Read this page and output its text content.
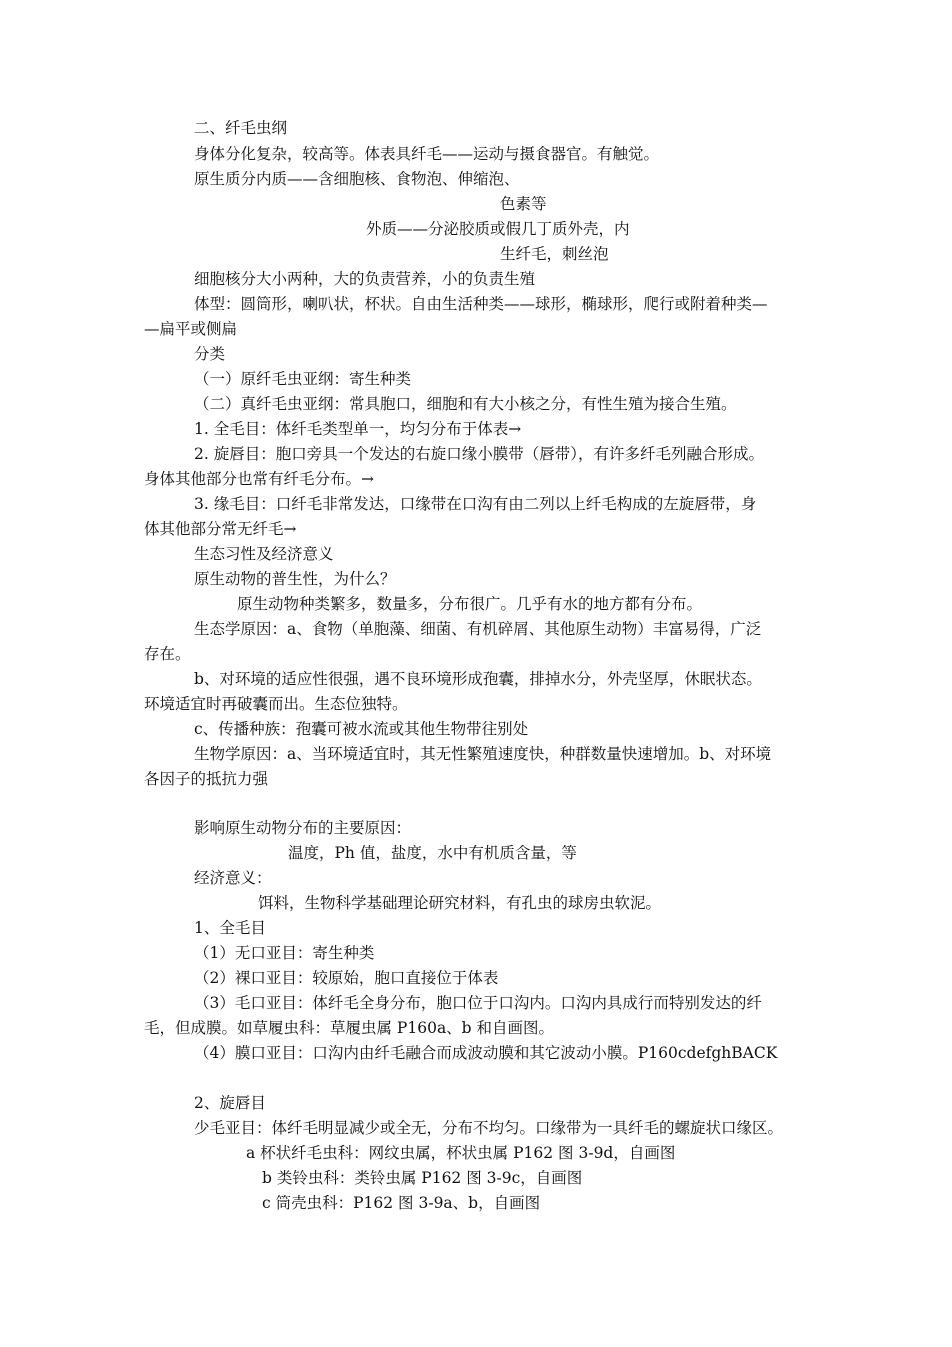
二、纤毛虫纲
身体分化复杂，较高等。体表具纤毛——运动与摄食器官。有触觉。
原生质分内质——含细胞核、食物泡、伸缩泡、
色素等
外质——分泌胶质或假几丁质外壳，内
生纤毛，刺丝泡
细胞核分大小两种，大的负责营养，小的负责生殖
体型：圆筒形，喇叭状，杯状。自由生活种类——球形，椭球形，爬行或附着种类—
—扁平或侧扁
分类
（一）原纤毛虫亚纲：寄生种类
（二）真纤毛虫亚纲：常具胞口，细胞和有大小核之分，有性生殖为接合生殖。
1. 全毛目：体纤毛类型单一，均匀分布于体表→
2. 旋唇目：胞口旁具一个发达的右旋口缘小膜带（唇带），有许多纤毛列融合形成。
身体其他部分也常有纤毛分布。→
3. 缘毛目：口纤毛非常发达，口缘带在口沟有由二列以上纤毛构成的左旋唇带，身
体其他部分常无纤毛→
生态习性及经济意义
原生动物的普生性，为什么？
原生动物种类繁多，数量多，分布很广。几乎有水的地方都有分布。
生态学原因：a、食物（单胞藻、细菌、有机碎屑、其他原生动物）丰富易得，广泛
存在。
b、对环境的适应性很强，遇不良环境形成孢囊，排掉水分，外壳坚厚，休眠状态。
环境适宜时再破囊而出。生态位独特。
c、传播种族：孢囊可被水流或其他生物带往别处
生物学原因：a、当环境适宜时，其无性繁殖速度快，种群数量快速增加。b、对环境
各因子的抵抗力强
影响原生动物分布的主要原因：
温度，Ph 值，盐度，水中有机质含量，等
经济意义：
饵料，生物科学基础理论研究材料，有孔虫的球房虫软泥。
1、全毛目
（1）无口亚目：寄生种类
（2）裸口亚目：较原始，胞口直接位于体表
（3）毛口亚目：体纤毛全身分布，胞口位于口沟内。口沟内具成行而特别发达的纤
毛，但成膜。如草履虫科：草履虫属 P160a、b 和自画图。
（4）膜口亚目：口沟内由纤毛融合而成波动膜和其它波动小膜。P160cdefghBACK
2、旋唇目
少毛亚目：体纤毛明显减少或全无，分布不均匀。口缘带为一具纤毛的螺旋状口缘区。
a 杯状纤毛虫科：网纹虫属，杯状虫属 P162 图 3-9d，自画图
b 类铃虫科：类铃虫属 P162 图 3-9c，自画图
c 筒壳虫科：P162 图 3-9a、b，自画图
